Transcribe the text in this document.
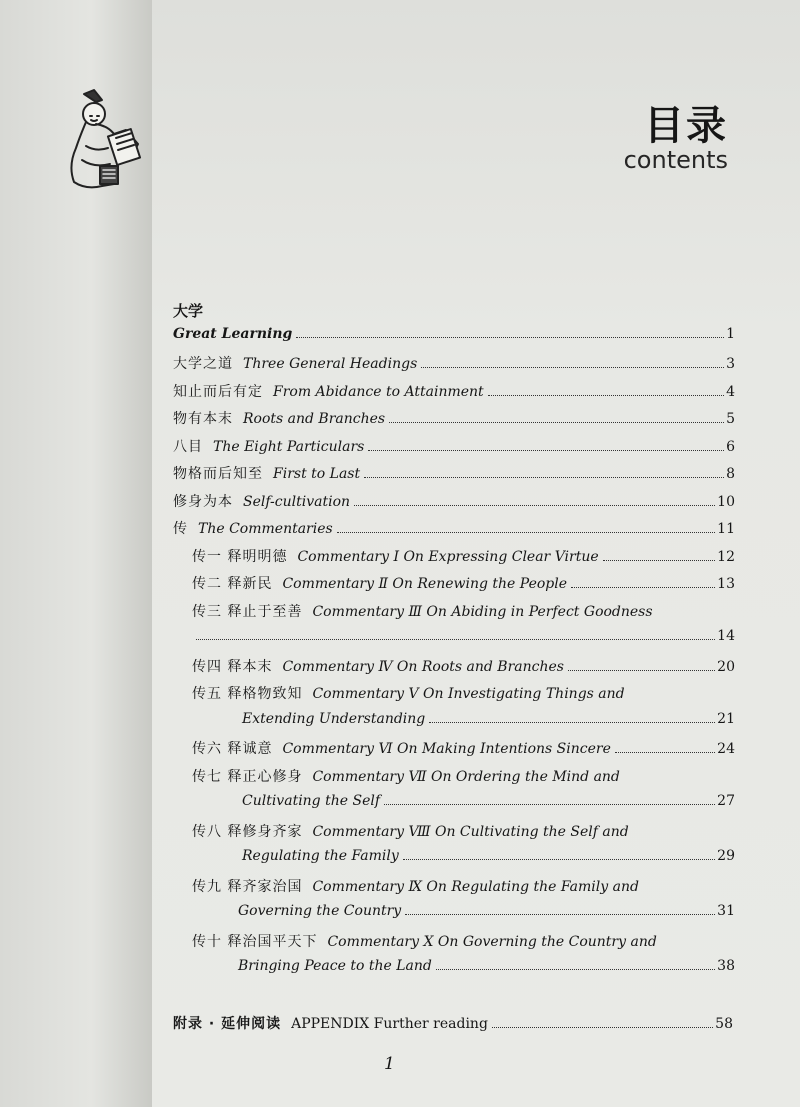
目录
contents
大学
Great Learning	1
大学之道 Three General Headings	3
知止而后有定 From Abidance to Attainment	4
物有本末 Roots and Branches	5
八目 The Eight Particulars	6
物格而后知至 First to Last	8
修身为本 Self-cultivation	10
传 The Commentaries	11
传一 释明明德 Commentary Ⅰ On Expressing Clear Virtue	12
传二 释新民 Commentary Ⅱ On Renewing the People	13
传三 释止于至善 Commentary Ⅲ On Abiding in Perfect Goodness
14
传四 释本末 Commentary Ⅳ On Roots and Branches	20
传五 释格物致知 Commentary Ⅴ On Investigating Things and
Extending Understanding	21
传六 释诚意 Commentary Ⅵ On Making Intentions Sincere	24
传七 释正心修身 Commentary Ⅶ On Ordering the Mind and
Cultivating the Self	27
传八 释修身齐家 Commentary Ⅷ On Cultivating the Self and
Regulating the Family	29
传九 释齐家治国 Commentary Ⅸ On Regulating the Family and
Governing the Country	31
传十 释治国平天下 Commentary Ⅹ On Governing the Country and
Bringing Peace to the Land	38
附录 · 延伸阅读 APPENDIX Further reading	58
1
